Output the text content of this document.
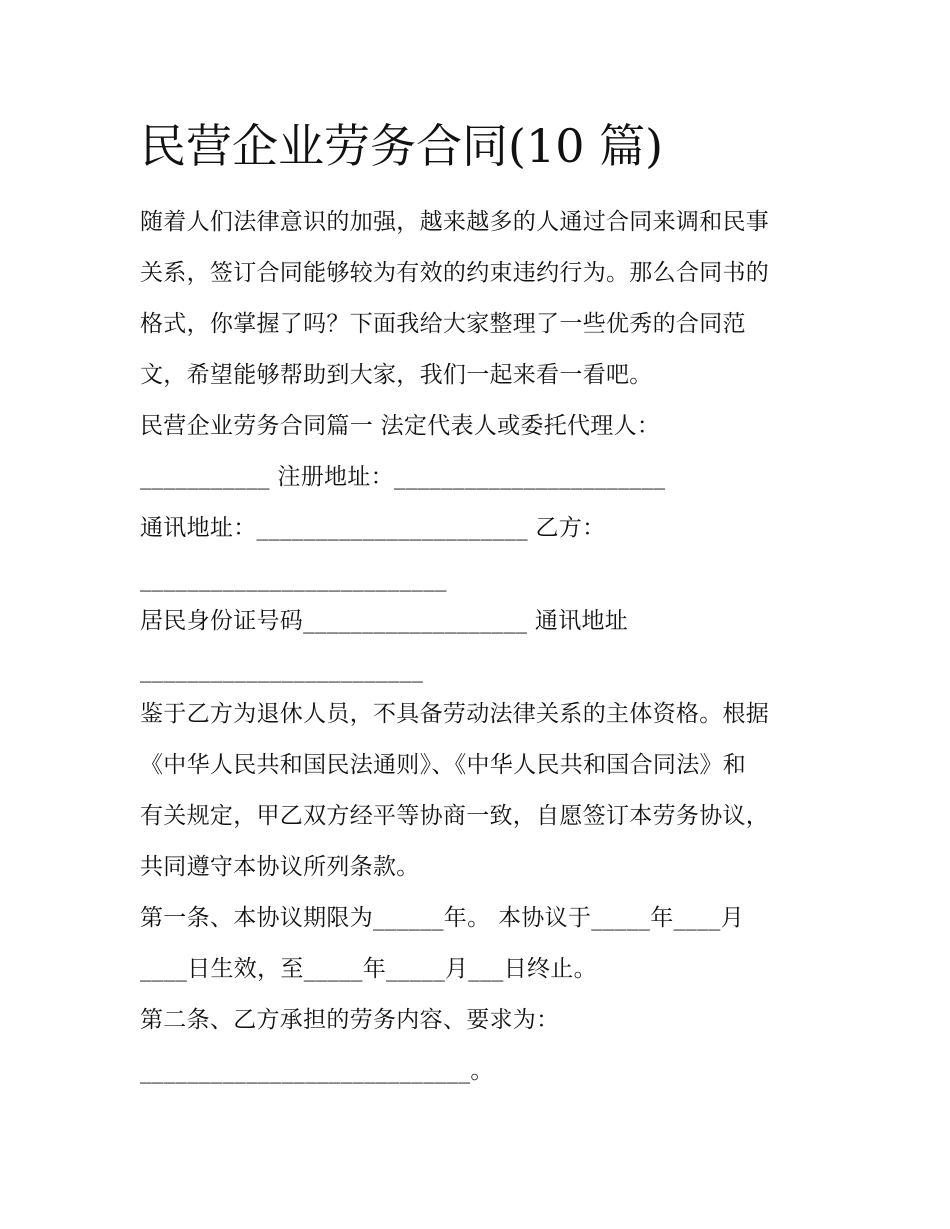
民营企业劳务合同(10 篇)
随着人们法律意识的加强，越来越多的人通过合同来调和民事
关系，签订合同能够较为有效的约束违约行为。那么合同书的
格式，你掌握了吗？下面我给大家整理了一些优秀的合同范
文，希望能够帮助到大家，我们一起来看一看吧。
民营企业劳务合同篇一 法定代表人或委托代理人：
___________ 注册地址：_______________________
通讯地址：_______________________ 乙方：
__________________________
居民身份证号码___________________ 通讯地址
________________________
鉴于乙方为退休人员，不具备劳动法律关系的主体资格。根据
《中华人民共和国民法通则》、《中华人民共和国合同法》和
有关规定，甲乙双方经平等协商一致，自愿签订本劳务协议，
共同遵守本协议所列条款。
第一条、本协议期限为______年。 本协议于_____年____月
____日生效，至_____年_____月___日终止。
第二条、乙方承担的劳务内容、要求为：
____________________________。
